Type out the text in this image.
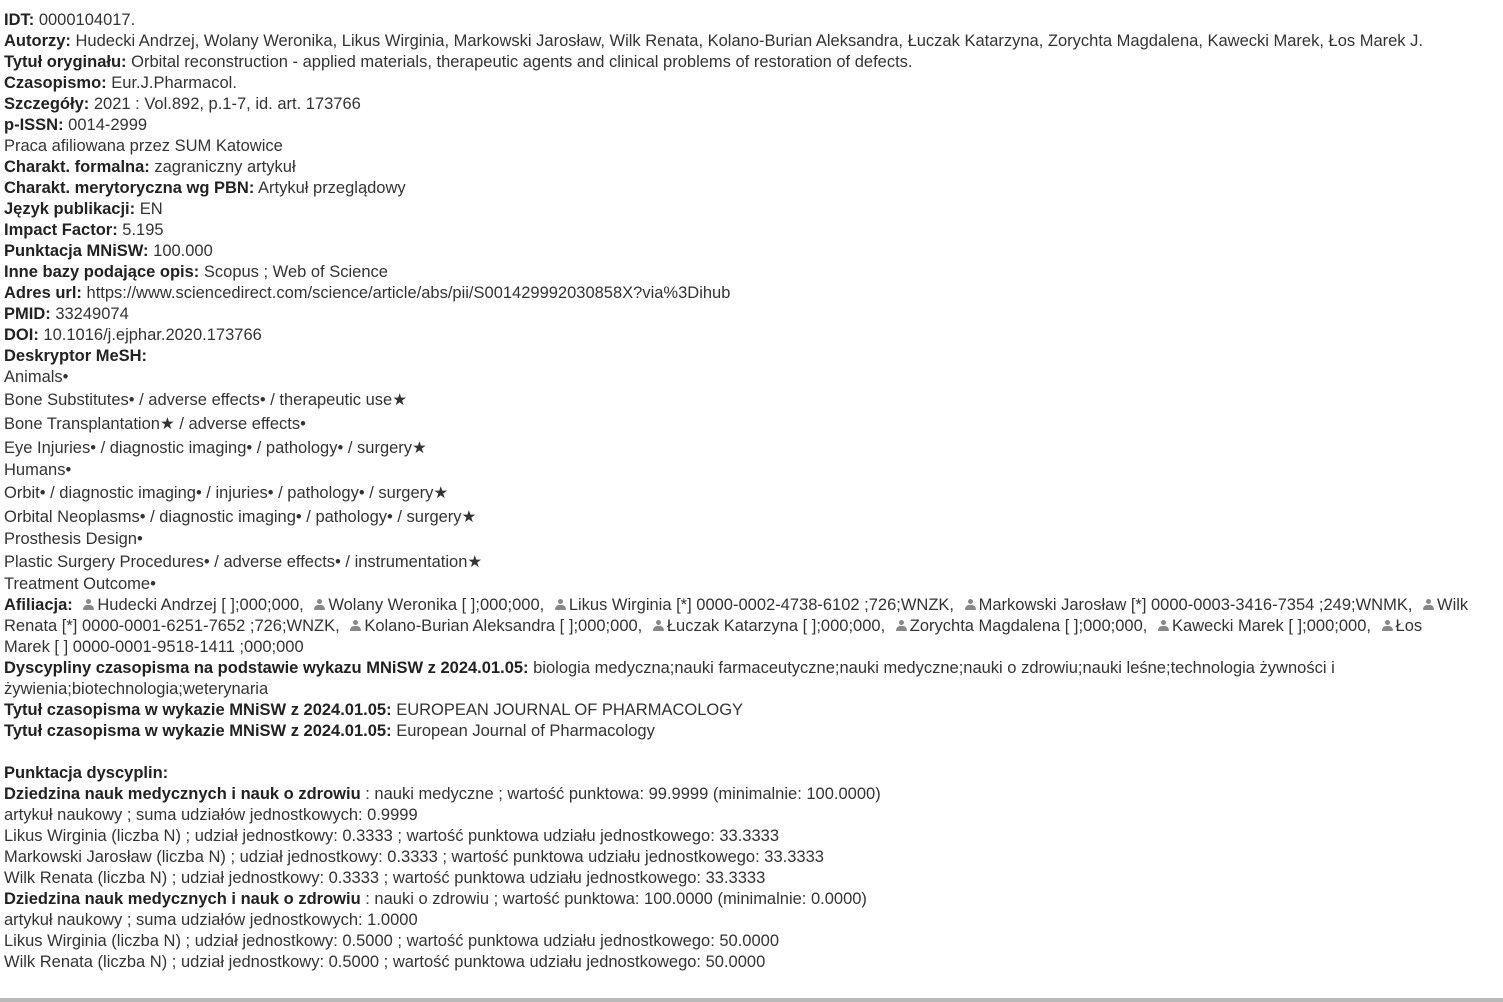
IDT: 0000104017.
Autorzy: Hudecki Andrzej, Wolany Weronika, Likus Wirginia, Markowski Jarosław, Wilk Renata, Kolano-Burian Aleksandra, Łuczak Katarzyna, Zorychta Magdalena, Kawecki Marek, Łos Marek J.
Tytuł oryginału: Orbital reconstruction - applied materials, therapeutic agents and clinical problems of restoration of defects.
Czasopismo: Eur.J.Pharmacol.
Szczegóły: 2021 : Vol.892, p.1-7, id. art. 173766
p-ISSN: 0014-2999
Praca afiliowana przez SUM Katowice
Charakt. formalna: zagraniczny artykuł
Charakt. merytoryczna wg PBN: Artykuł przeglądowy
Język publikacji: EN
Impact Factor: 5.195
Punktacja MNiSW: 100.000
Inne bazy podające opis: Scopus ; Web of Science
Adres url: https://www.sciencedirect.com/science/article/abs/pii/S001429992030858X?via%3Dihub
PMID: 33249074
DOI: 10.1016/j.ejphar.2020.173766
Deskryptor MeSH:
Animals•
Bone Substitutes• / adverse effects• / therapeutic use★
Bone Transplantation★ / adverse effects•
Eye Injuries• / diagnostic imaging• / pathology• / surgery★
Humans•
Orbit• / diagnostic imaging• / injuries• / pathology• / surgery★
Orbital Neoplasms• / diagnostic imaging• / pathology• / surgery★
Prosthesis Design•
Plastic Surgery Procedures• / adverse effects• / instrumentation★
Treatment Outcome•
Afiliacja: Hudecki Andrzej [ ];000;000, Wolany Weronika [ ];000;000, Likus Wirginia [*] 0000-0002-4738-6102 ;726;WNZK, Markowski Jarosław [*] 0000-0003-3416-7354 ;249;WNMK, Wilk Renata [*] 0000-0001-6251-7652 ;726;WNZK, Kolano-Burian Aleksandra [ ];000;000, Łuczak Katarzyna [ ];000;000, Zorychta Magdalena [ ];000;000, Kawecki Marek [ ];000;000, Łos Marek [ ] 0000-0001-9518-1411 ;000;000
Dyscypliny czasopisma na podstawie wykazu MNiSW z 2024.01.05: biologia medyczna;nauki farmaceutyczne;nauki medyczne;nauki o zdrowiu;nauki leśne;technologia żywności i żywienia;biotechnologia;weterynaria
Tytuł czasopisma w wykazie MNiSW z 2024.01.05: EUROPEAN JOURNAL OF PHARMACOLOGY
Tytuł czasopisma w wykazie MNiSW z 2024.01.05: European Journal of Pharmacology
Punktacja dyscyplin:
Dziedzina nauk medycznych i nauk o zdrowiu : nauki medyczne ; wartość punktowa: 99.9999 (minimalnie: 100.0000)
artykuł naukowy ; suma udziałów jednostkowych: 0.9999
Likus Wirginia (liczba N) ; udział jednostkowy: 0.3333 ; wartość punktowa udziału jednostkowego: 33.3333
Markowski Jarosław (liczba N) ; udział jednostkowy: 0.3333 ; wartość punktowa udziału jednostkowego: 33.3333
Wilk Renata (liczba N) ; udział jednostkowy: 0.3333 ; wartość punktowa udziału jednostkowego: 33.3333
Dziedzina nauk medycznych i nauk o zdrowiu : nauki o zdrowiu ; wartość punktowa: 100.0000 (minimalnie: 0.0000)
artykuł naukowy ; suma udziałów jednostkowych: 1.0000
Likus Wirginia (liczba N) ; udział jednostkowy: 0.5000 ; wartość punktowa udziału jednostkowego: 50.0000
Wilk Renata (liczba N) ; udział jednostkowy: 0.5000 ; wartość punktowa udziału jednostkowego: 50.0000
